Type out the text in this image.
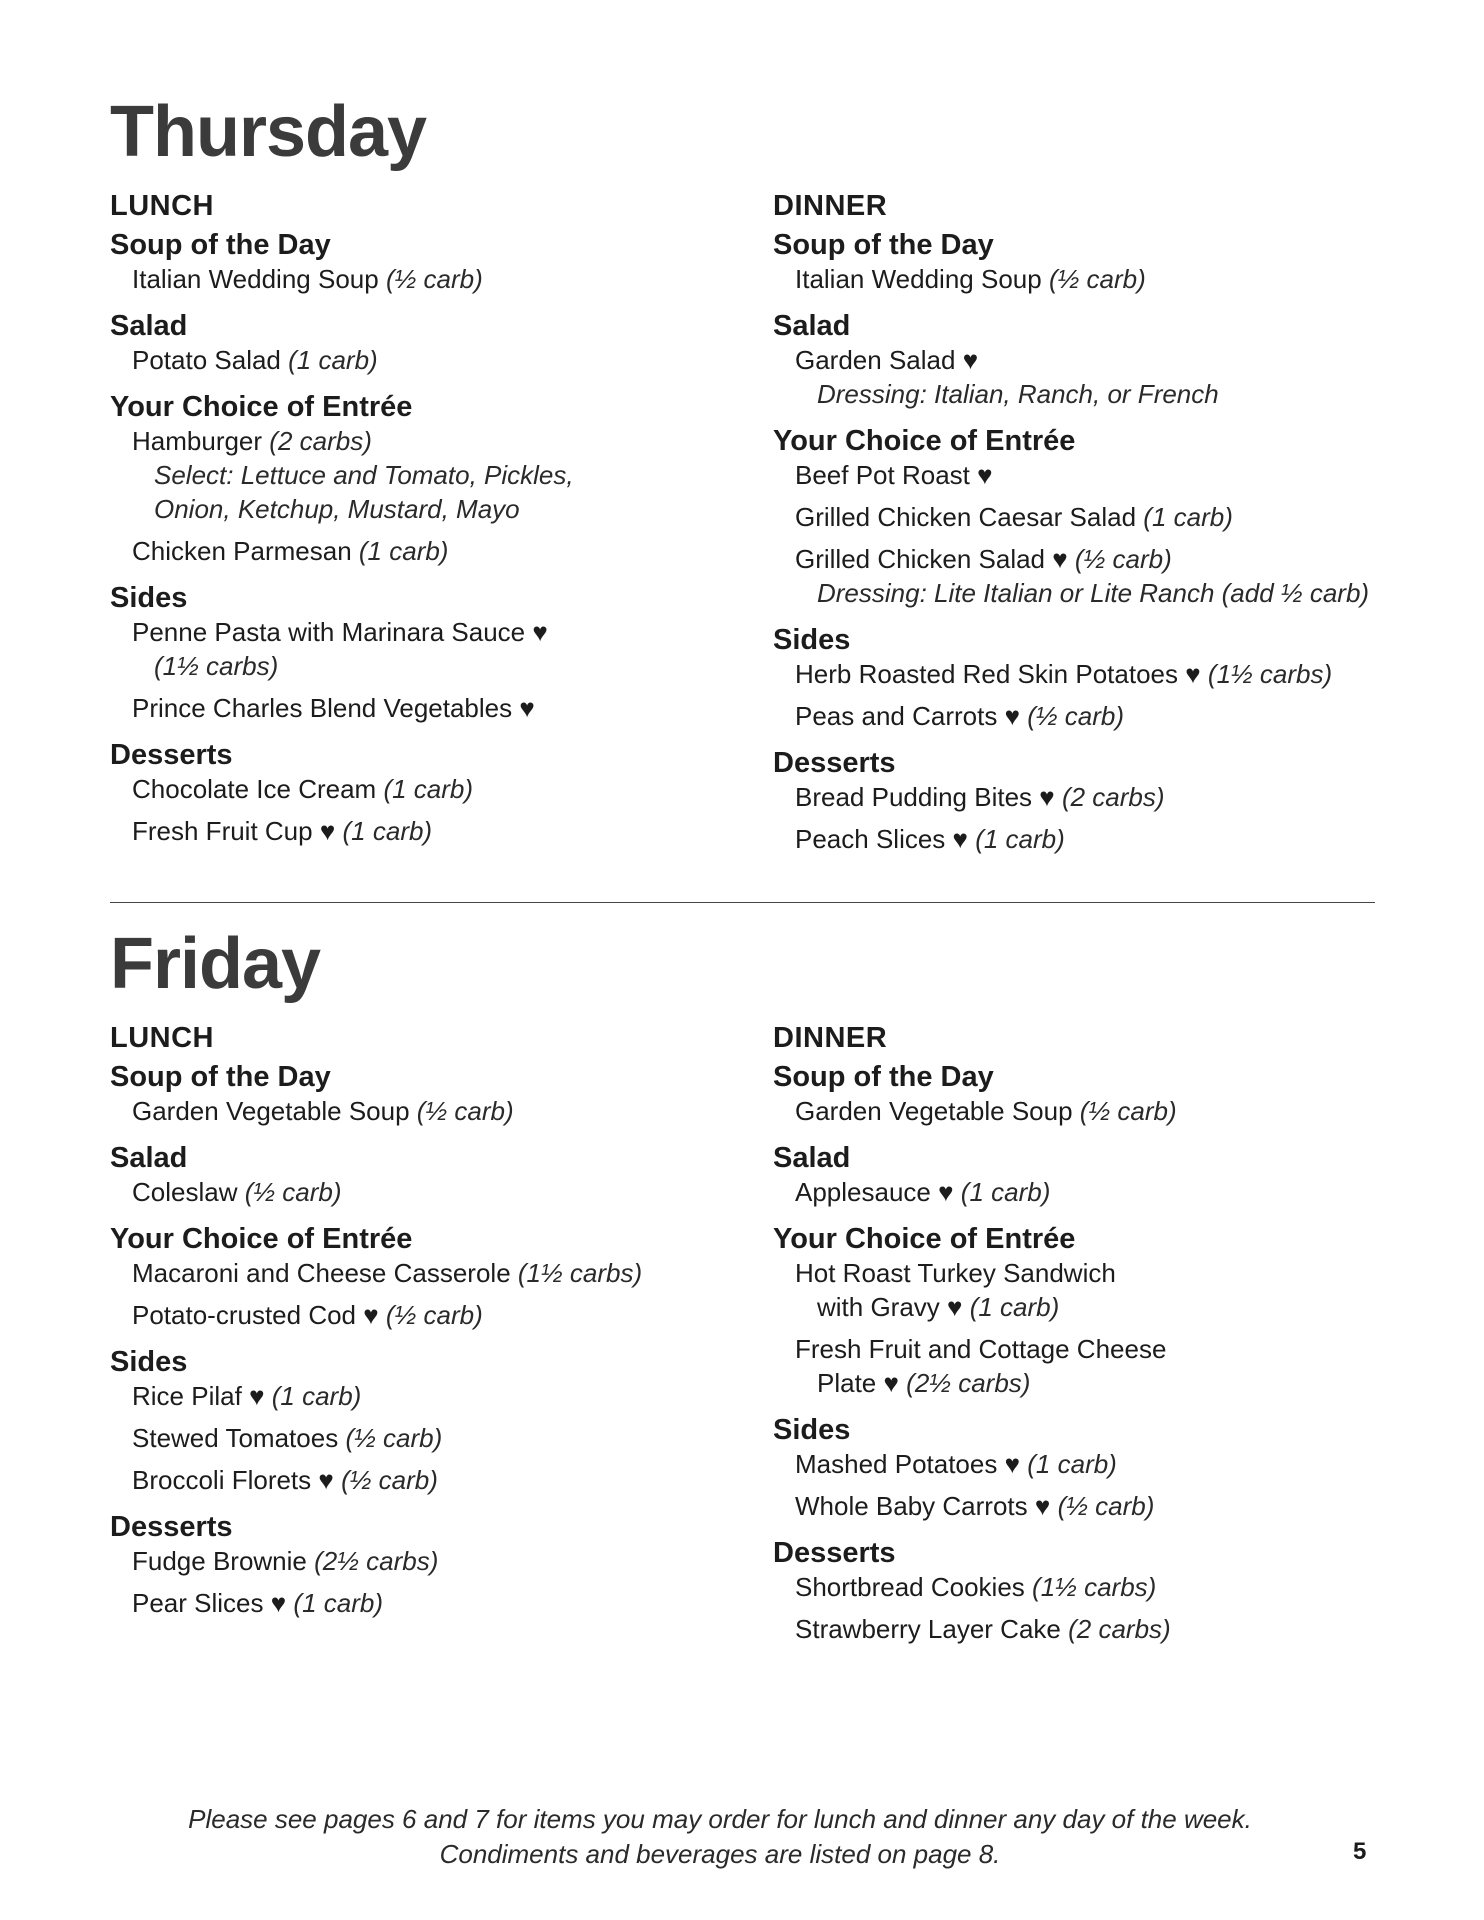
Thursday
LUNCH
Soup of the Day
Italian Wedding Soup (½ carb)
Salad
Potato Salad (1 carb)
Your Choice of Entrée
Hamburger (2 carbs)
Select: Lettuce and Tomato, Pickles,
Onion, Ketchup, Mustard, Mayo
Chicken Parmesan (1 carb)
Sides
Penne Pasta with Marinara Sauce ♥
(1½ carbs)
Prince Charles Blend Vegetables ♥
Desserts
Chocolate Ice Cream (1 carb)
Fresh Fruit Cup ♥ (1 carb)
DINNER
Soup of the Day
Italian Wedding Soup (½ carb)
Salad
Garden Salad ♥
Dressing: Italian, Ranch, or French
Your Choice of Entrée
Beef Pot Roast ♥
Grilled Chicken Caesar Salad (1 carb)
Grilled Chicken Salad ♥ (½ carb)
Dressing: Lite Italian or Lite Ranch (add ½ carb)
Sides
Herb Roasted Red Skin Potatoes ♥ (1½ carbs)
Peas and Carrots ♥ (½ carb)
Desserts
Bread Pudding Bites ♥ (2 carbs)
Peach Slices ♥ (1 carb)
Friday
LUNCH
Soup of the Day
Garden Vegetable Soup (½ carb)
Salad
Coleslaw (½ carb)
Your Choice of Entrée
Macaroni and Cheese Casserole (1½ carbs)
Potato-crusted Cod ♥ (½ carb)
Sides
Rice Pilaf ♥ (1 carb)
Stewed Tomatoes (½ carb)
Broccoli Florets ♥ (½ carb)
Desserts
Fudge Brownie (2½ carbs)
Pear Slices ♥ (1 carb)
DINNER
Soup of the Day
Garden Vegetable Soup (½ carb)
Salad
Applesauce ♥ (1 carb)
Your Choice of Entrée
Hot Roast Turkey Sandwich
with Gravy ♥ (1 carb)
Fresh Fruit and Cottage Cheese
Plate ♥ (2½ carbs)
Sides
Mashed Potatoes ♥ (1 carb)
Whole Baby Carrots ♥ (½ carb)
Desserts
Shortbread Cookies (1½ carbs)
Strawberry Layer Cake (2 carbs)
Please see pages 6 and 7 for items you may order for lunch and dinner any day of the week.
Condiments and beverages are listed on page 8.	5
